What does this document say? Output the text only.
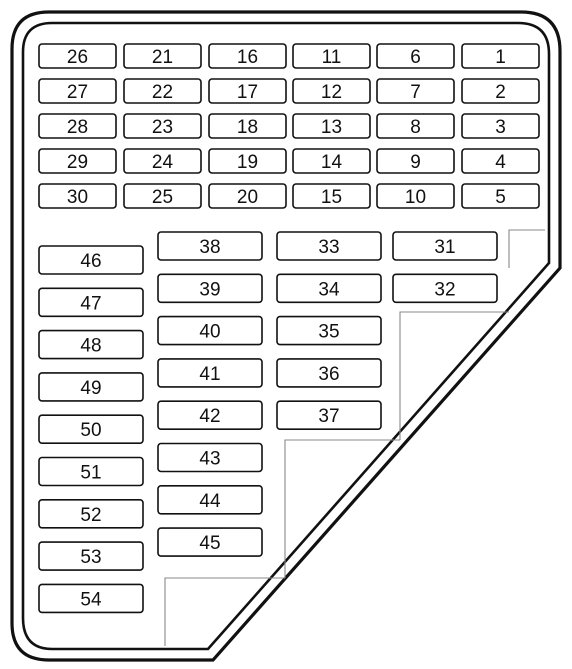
26	21	16	11	6	1
27	22	17	12	7	2
28	23	18	13	8	3
29	24	19	14	9	4
30	25	20	15	10	5
46
47
48
49
50
51
52
53
54
38
39
40
41
42
43
44
45
33
34
35
36
37
31
32
